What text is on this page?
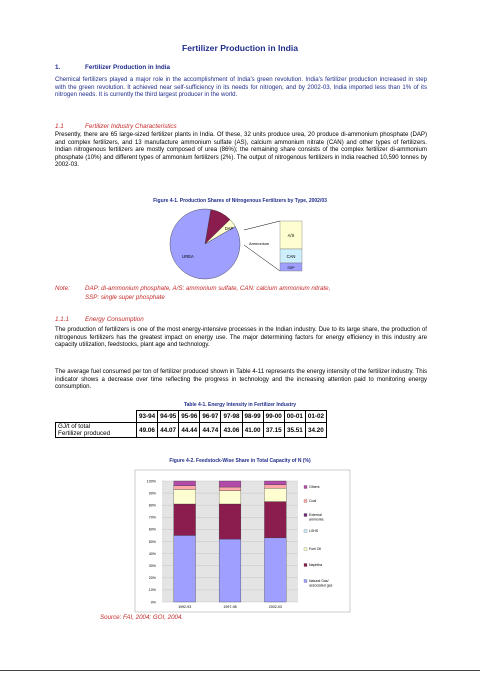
Fertilizer Production in India
1.	Fertilizer Production in India
Chemical fertilizers played a major role in the accomplishment of India's green revolution. India's fertilizer production increased in step with the green revolution. It achieved near self-sufficiency in its needs for nitrogen, and by 2002-03, India imported less than 1% of its nitrogen needs. It is currently the third largest producer in the world.
1.1	Fertilizer Industry Characteristics
Presently, there are 65 large-sized fertilizer plants in India. Of these, 32 units produce urea, 20 produce di-ammonium phosphate (DAP) and complex fertilizers, and 13 manufacture ammonium sulfate (AS), calcium ammonium nitrate (CAN) and other types of fertilizers. Indian nitrogenous fertilizers are mostly composed of urea (86%); the remaining share consists of the complex fertilizer di-ammonium phosphate (10%) and different types of ammonium fertilizers (2%). The output of nitrogenous fertilizers in India reached 10,590 tonnes by 2002-03.
Figure 4-1. Production Shares of Nitrogenous Fertilizers by Type, 2002/03
UREA
DAP
Ammonium
A/S
CAN
SSP
Note: DAP: di-ammonium phosphate, A/S: ammonium sulfate, CAN: calcium ammonium nitrate,
SSP: single super phosphate
1.1.1	Energy Consumption
The production of fertilizers is one of the most energy-intensive processes in the Indian industry. Due to its large share, the production of nitrogenous fertilizers has the greatest impact on energy use. The major determining factors for energy efficiency in this industry are capacity utilization, feedstocks, plant age and technology.
The average fuel consumed per ton of fertilizer produced shown in Table 4-11 represents the energy intensity of the fertilizer industry. This indicator shows a decrease over time reflecting the progress in technology and the increasing attention paid to monitoring energy consumption.
Table 4-1. Energy Intensity in Fertilizer Industry
	93-94	94-95	95-96	96-97	97-98	98-99	99-00	00-01	01-02
GJ/t of total
Fertilizer produced	49.06	44.07	44.44	44.74	43.06	41.00	37.15	35.51	34.20
Figure 4-2. Feedstock-Wise Share in Total Capacity of N (%)
0%
10%
20%
30%
40%
50%
60%
70%
80%
90%
100%
1992-93	1997-98	2002-03
Others
Coal
External ammonia
LSHS
Fuel Oil
Naphtha
Natural Gas/ associated gas
Source: FAI, 2004; GOI, 2004.
